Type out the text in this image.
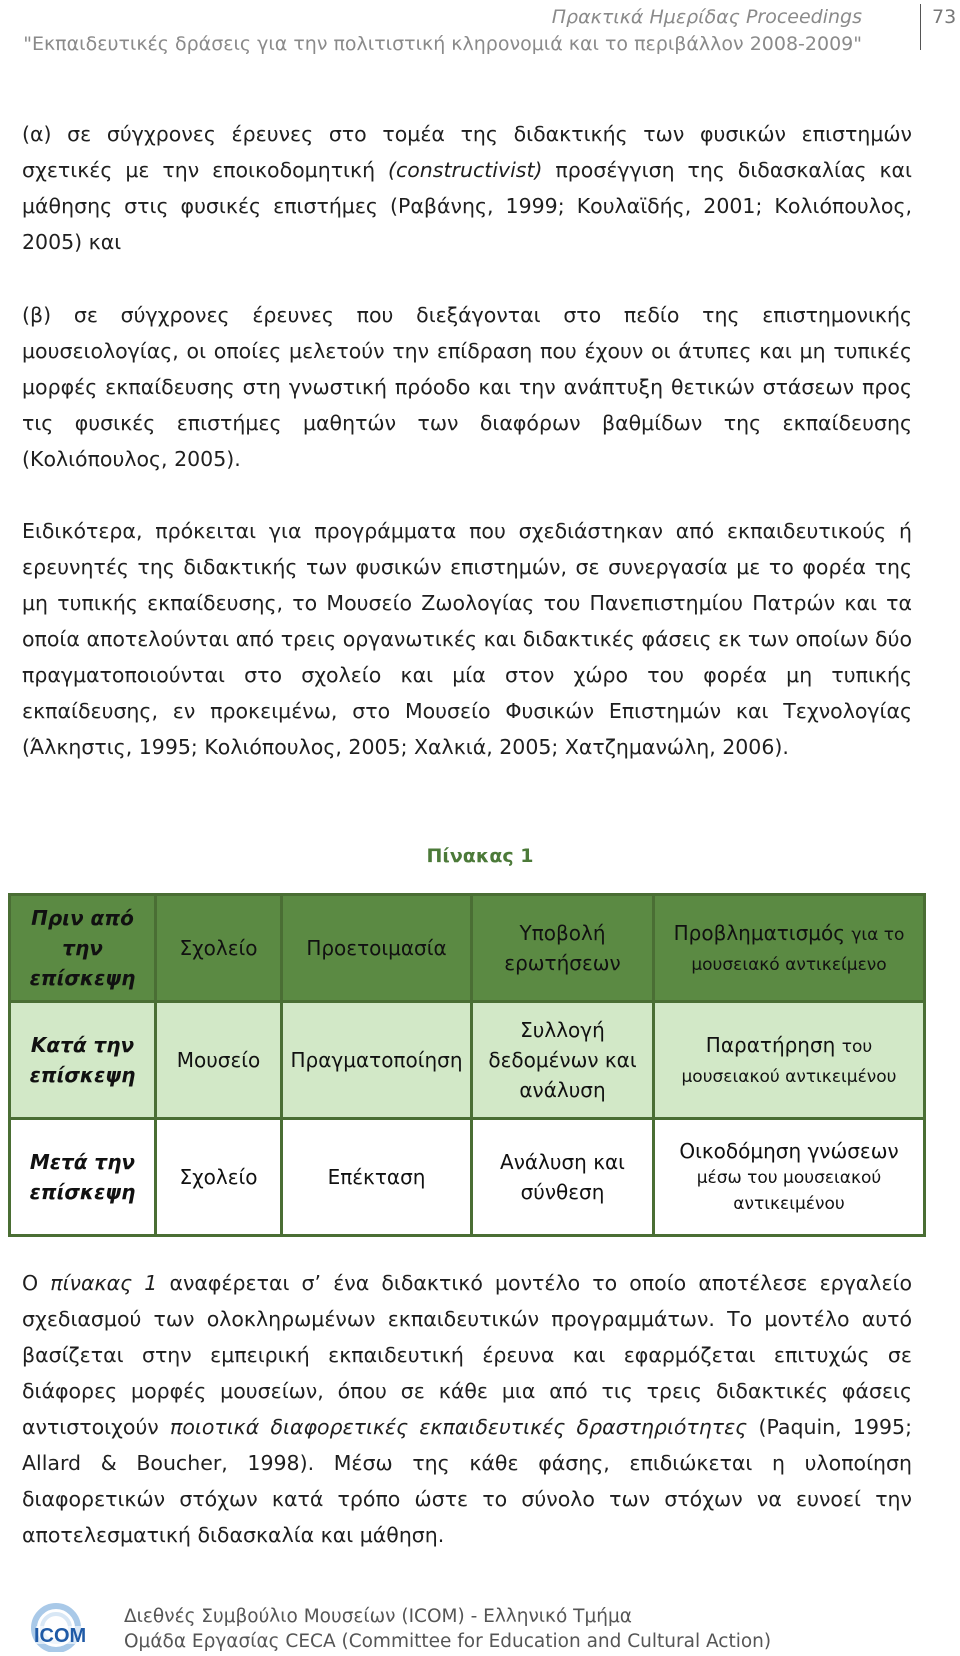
Πρακτικά Ημερίδας Proceedings
"Εκπαιδευτικές δράσεις για την πολιτιστική κληρονομιά και το περιβάλλον 2008-2009"
73
(α) σε σύγχρονες έρευνες στο τομέα της διδακτικής των φυσικών επιστημών σχετικές με την εποικοδομητική (constructivist) προσέγγιση της διδασκαλίας και μάθησης στις φυσικές επιστήμες (Ραβάνης, 1999; Κουλαϊδής, 2001; Κολιόπουλος, 2005) και
(β) σε σύγχρονες έρευνες που διεξάγονται στο πεδίο της επιστημονικής μουσειολογίας, οι οποίες μελετούν την επίδραση που έχουν οι άτυπες και μη τυπικές μορφές εκπαίδευσης στη γνωστική πρόοδο και την ανάπτυξη θετικών στάσεων προς τις φυσικές επιστήμες μαθητών των διαφόρων βαθμίδων της εκπαίδευσης (Κολιόπουλος, 2005).
Ειδικότερα, πρόκειται για προγράμματα που σχεδιάστηκαν από εκπαιδευτικούς ή ερευνητές της διδακτικής των φυσικών επιστημών, σε συνεργασία με το φορέα της μη τυπικής εκπαίδευσης, το Μουσείο Ζωολογίας του Πανεπιστημίου Πατρών και τα οποία αποτελούνται από τρεις οργανωτικές και διδακτικές φάσεις εκ των οποίων δύο πραγματοποιούνται στο σχολείο και μία στον χώρο του φορέα μη τυπικής εκπαίδευσης, εν προκειμένω, στο Μουσείο Φυσικών Επιστημών και Τεχνολογίας (Άλκηστις, 1995; Κολιόπουλος, 2005; Χαλκιά, 2005; Χατζημανώλη, 2006).
Πίνακας 1
Πριν από την επίσκεψη	Σχολείο	Προετοιμασία	Υποβολή ερωτήσεων	Προβληματισμός για το μουσειακό αντικείμενο
Κατά την επίσκεψη	Μουσείο	Πραγματοποίηση	Συλλογή δεδομένων και ανάλυση	Παρατήρηση του μουσειακού αντικειμένου
Μετά την επίσκεψη	Σχολείο	Επέκταση	Ανάλυση και σύνθεση	Οικοδόμηση γνώσεων
μέσω του μουσειακού αντικειμένου
Ο πίνακας 1 αναφέρεται σ’ ένα διδακτικό μοντέλο το οποίο αποτέλεσε εργαλείο σχεδιασμού των ολοκληρωμένων εκπαιδευτικών προγραμμάτων. Το μοντέλο αυτό βασίζεται στην εμπειρική εκπαιδευτική έρευνα και εφαρμόζεται επιτυχώς σε διάφορες μορφές μουσείων, όπου σε κάθε μια από τις τρεις διδακτικές φάσεις αντιστοιχούν ποιοτικά διαφορετικές εκπαιδευτικές δραστηριότητες (Paquin, 1995; Allard & Boucher, 1998). Μέσω της κάθε φάσης, επιδιώκεται η υλοποίηση διαφορετικών στόχων κατά τρόπο ώστε το σύνολο των στόχων να ευνοεί την αποτελεσματική διδασκαλία και μάθηση.
ICOM
Διεθνές Συμβούλιο Μουσείων (ICOM) - Ελληνικό Τμήμα
Ομάδα Εργασίας CECA (Committee for Education and Cultural Action)
